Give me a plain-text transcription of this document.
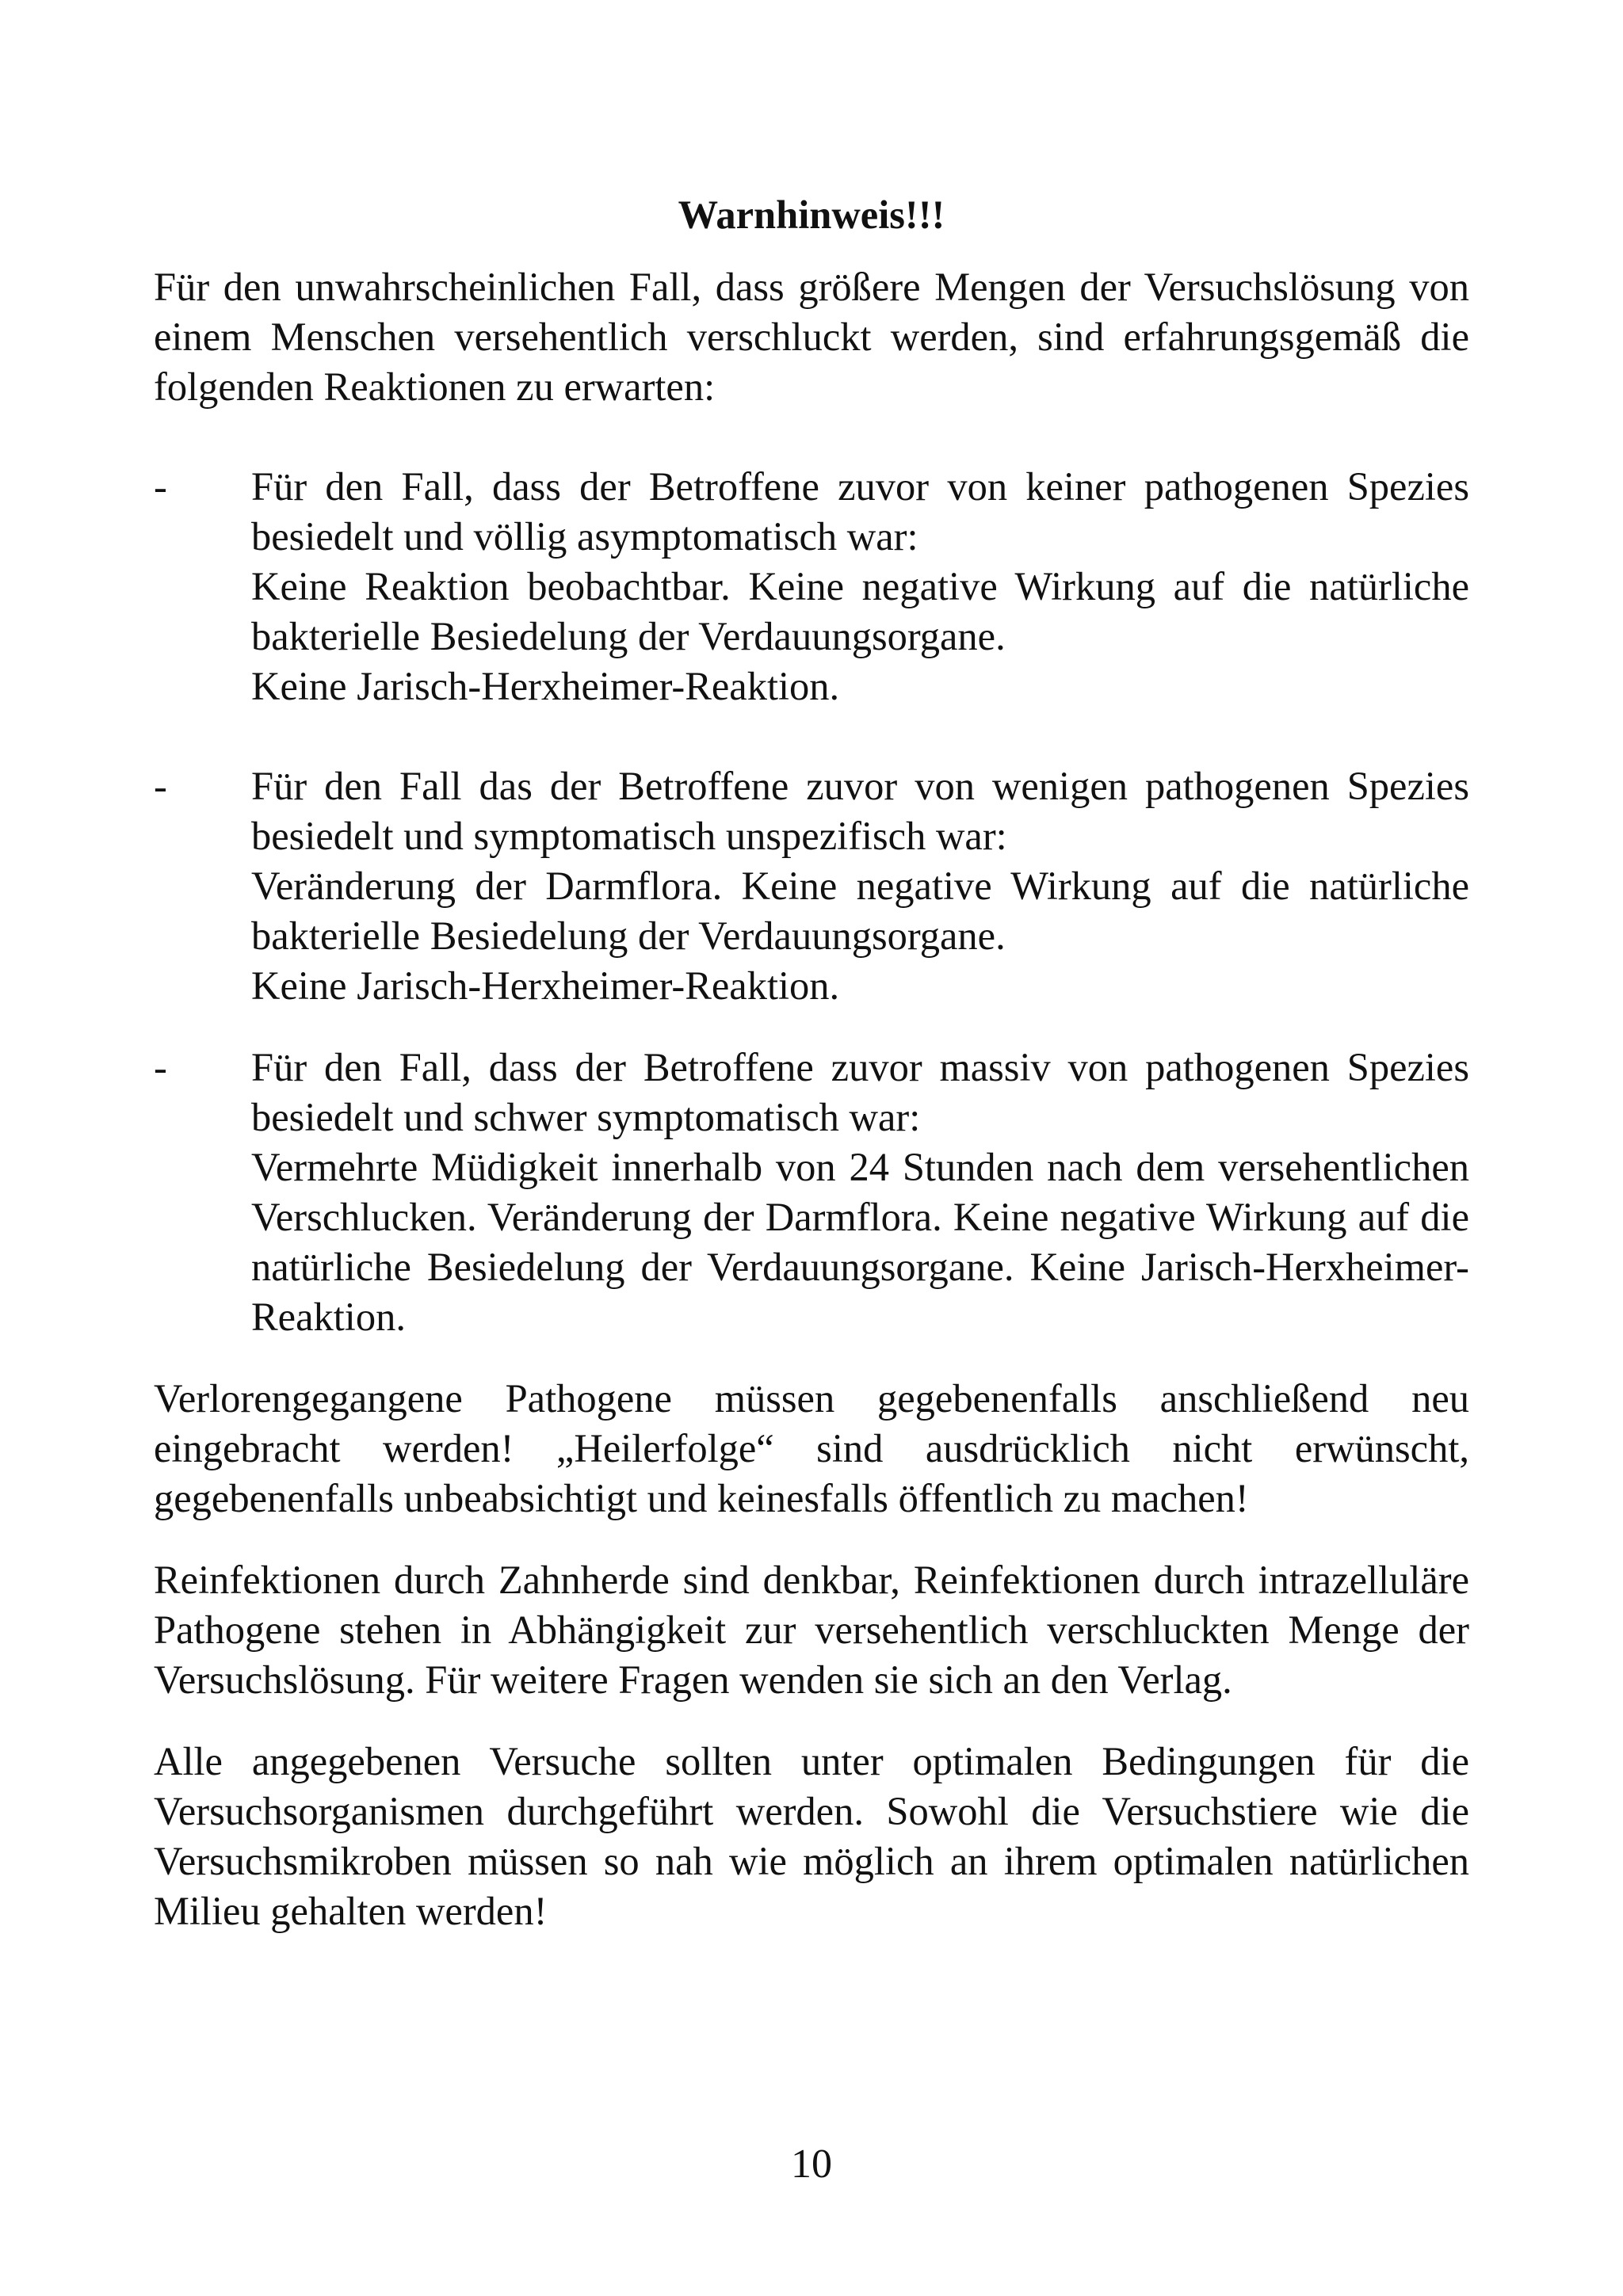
Warnhinweis!!!

Für den unwahrscheinlichen Fall, dass größere Mengen der Versuchslösung von einem Menschen versehentlich verschluckt werden, sind erfahrungsgemäß die folgenden Reaktionen zu erwarten:

- Für den Fall, dass der Betroffene zuvor von keiner pathogenen Spezies besiedelt und völlig asymptomatisch war:
Keine Reaktion beobachtbar. Keine negative Wirkung auf die natürliche bakterielle Besiedelung der Verdauungsorgane.
Keine Jarisch-Herxheimer-Reaktion.
- Für den Fall das der Betroffene zuvor von wenigen pathogenen Spezies besiedelt und symptomatisch unspezifisch war:
Veränderung der Darmflora. Keine negative Wirkung auf die natürliche bakterielle Besiedelung der Verdauungsorgane.
Keine Jarisch-Herxheimer-Reaktion.
- Für den Fall, dass der Betroffene zuvor massiv von pathogenen Spezies besiedelt und schwer symptomatisch war:
Vermehrte Müdigkeit innerhalb von 24 Stunden nach dem versehentlichen Verschlucken. Veränderung der Darmflora. Keine negative Wirkung auf die natürliche Besiedelung der Verdauungsorgane. Keine Jarisch-Herxheimer-Reaktion.

Verlorengegangene Pathogene müssen gegebenenfalls anschließend neu eingebracht werden! „Heilerfolge“ sind ausdrücklich nicht erwünscht, gegebenenfalls unbeabsichtigt und keinesfalls öffentlich zu machen!

Reinfektionen durch Zahnherde sind denkbar, Reinfektionen durch intrazelluläre Pathogene stehen in Abhängigkeit zur versehentlich verschluckten Menge der Versuchslösung. Für weitere Fragen wenden sie sich an den Verlag.

Alle angegebenen Versuche sollten unter optimalen Bedingungen für die Versuchsorganismen durchgeführt werden. Sowohl die Versuchstiere wie die Versuchsmikroben müssen so nah wie möglich an ihrem optimalen natürlichen Milieu gehalten werden!

10
